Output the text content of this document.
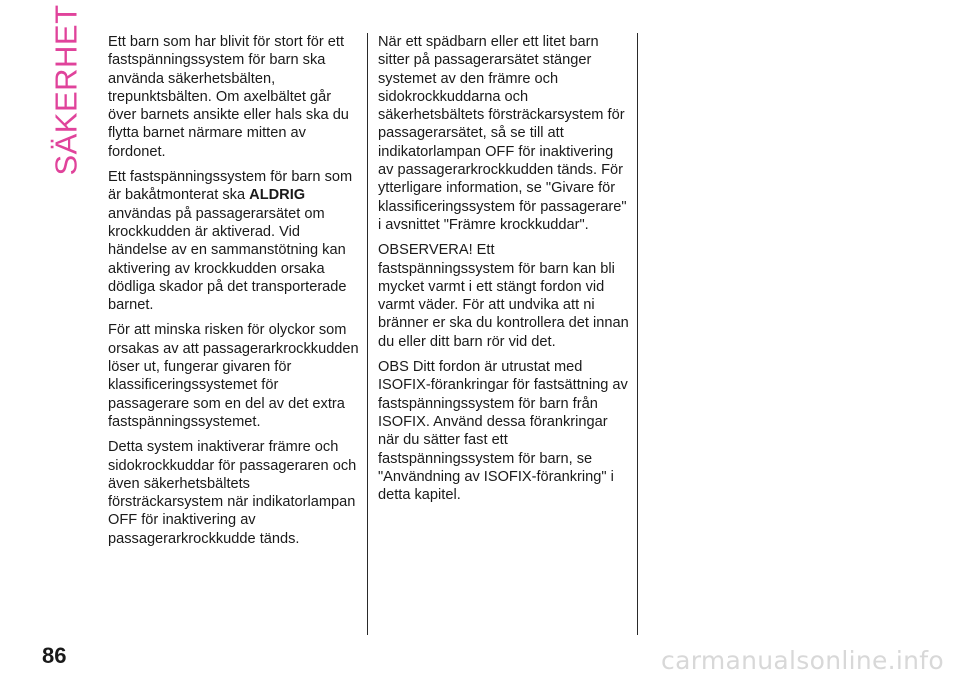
SÄKERHET Ett barn som har blivit för stort för ett fastspänningssystem för barn ska använda säkerhetsbälten, trepunktsbälten. Om axelbältet går över barnets ansikte eller hals ska du flytta barnet närmare mitten av fordonet.

Ett fastspänningssystem för barn som är bakåtmonterat ska ALDRIG användas på passagerarsätet om krockkudden är aktiverad. Vid händelse av en sammanstötning kan aktivering av krockkudden orsaka dödliga skador på det transporterade barnet.

För att minska risken för olyckor som orsakas av att passagerarkrockkudden löser ut, fungerar givaren för klassificeringssystemet för passagerare som en del av det extra fastspänningssystemet.

Detta system inaktiverar främre och sidokrockkuddar för passageraren och även säkerhetsbältets försträckarsystem när indikatorlampan OFF för inaktivering av passagerarkrockkudde tänds.

När ett spädbarn eller ett litet barn sitter på passagerarsätet stänger systemet av den främre och sidokrockkuddarna och säkerhetsbältets försträckarsystem för passagerarsätet, så se till att indikatorlampan OFF för inaktivering av passagerarkrockkudden tänds. För ytterligare information, se "Givare för klassificeringssystem för passagerare" i avsnittet "Främre krockkuddar".

OBSERVERA! Ett fastspänningssystem för barn kan bli mycket varmt i ett stängt fordon vid varmt väder. För att undvika att ni bränner er ska du kontrollera det innan du eller ditt barn rör vid det.

OBS Ditt fordon är utrustat med ISOFIX-förankringar för fastsättning av fastspänningssystem för barn från ISOFIX. Använd dessa förankringar när du sätter fast ett fastspänningssystem för barn, se "Användning av ISOFIX-förankring" i detta kapitel.

86	carmanualsonline.info
